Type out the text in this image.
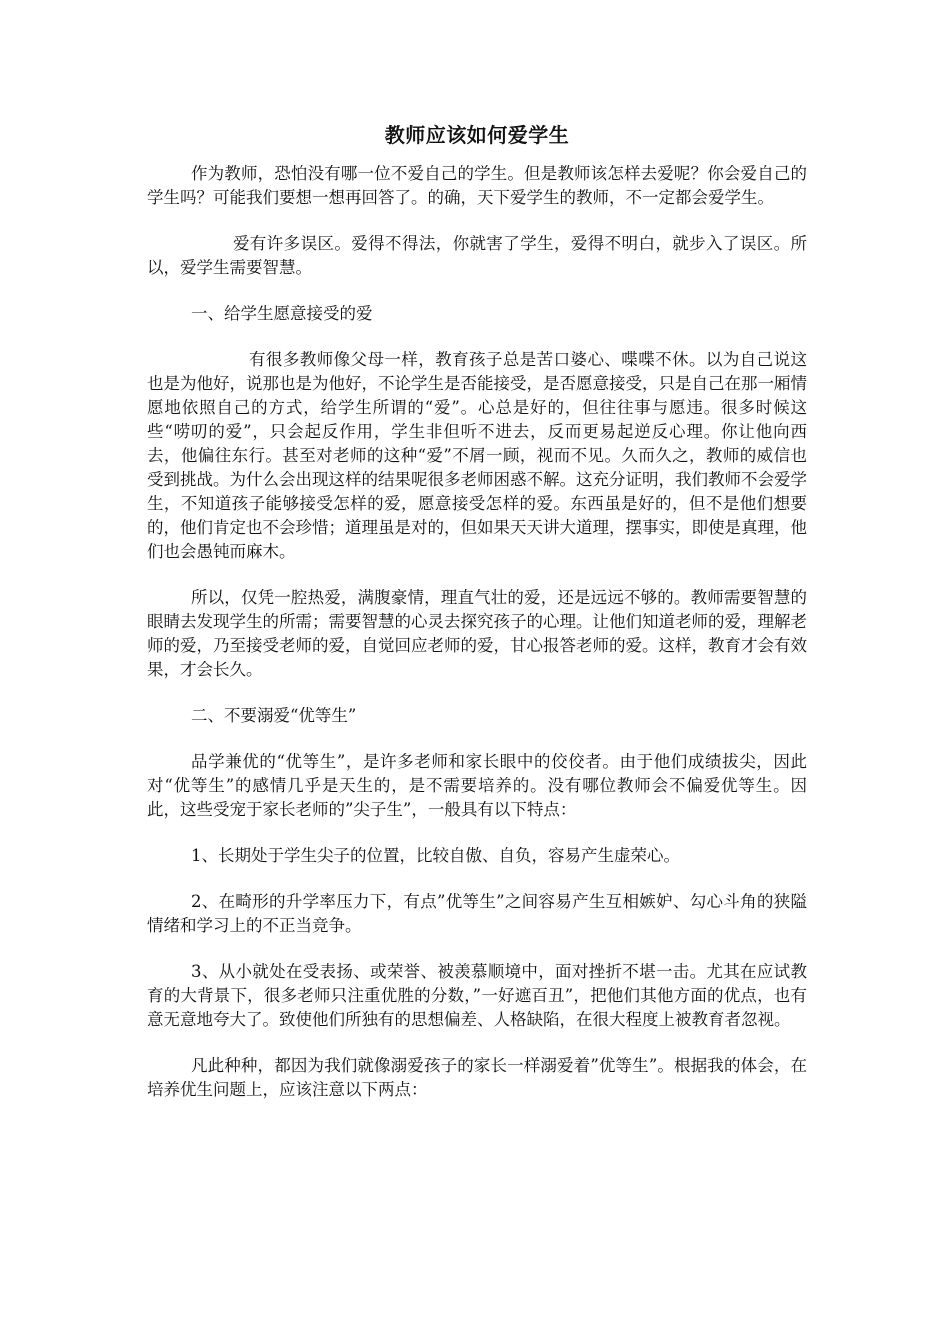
教师应该如何爱学生

作为教师，恐怕没有哪一位不爱自己的学生。但是教师该怎样去爱呢？你会爱自己的学生吗？可能我们要想一想再回答了。的确，天下爱学生的教师，不一定都会爱学生。

爱有许多误区。爱得不得法，你就害了学生，爱得不明白，就步入了误区。所以，爱学生需要智慧。

一、给学生愿意接受的爱

有很多教师像父母一样，教育孩子总是苦口婆心、喋喋不休。以为自己说这也是为他好，说那也是为他好，不论学生是否能接受，是否愿意接受，只是自己在那一厢情愿地依照自己的方式，给学生所谓的“爱”。心总是好的，但往往事与愿违。很多时候这些“唠叨的爱”，只会起反作用，学生非但听不进去，反而更易起逆反心理。你让他向西去，他偏往东行。甚至对老师的这种“爱”不屑一顾，视而不见。久而久之，教师的威信也受到挑战。为什么会出现这样的结果呢很多老师困惑不解。这充分证明，我们教师不会爱学生，不知道孩子能够接受怎样的爱，愿意接受怎样的爱。东西虽是好的，但不是他们想要的，他们肯定也不会珍惜；道理虽是对的，但如果天天讲大道理，摆事实，即使是真理，他们也会愚钝而麻木。

所以，仅凭一腔热爱，满腹豪情，理直气壮的爱，还是远远不够的。教师需要智慧的眼睛去发现学生的所需；需要智慧的心灵去探究孩子的心理。让他们知道老师的爱，理解老师的爱，乃至接受老师的爱，自觉回应老师的爱，甘心报答老师的爱。这样，教育才会有效果，才会长久。

二、不要溺爱“优等生”

品学兼优的“优等生”，是许多老师和家长眼中的佼佼者。由于他们成绩拔尖，因此对“优等生”的感情几乎是天生的，是不需要培养的。没有哪位教师会不偏爱优等生。因此，这些受宠于家长老师的”尖子生”，一般具有以下特点：

1、长期处于学生尖子的位置，比较自傲、自负，容易产生虚荣心。

2、在畸形的升学率压力下，有点”优等生”之间容易产生互相嫉妒、勾心斗角的狭隘情绪和学习上的不正当竞争。

3、从小就处在受表扬、或荣誉、被羡慕顺境中，面对挫折不堪一击。尤其在应试教育的大背景下，很多老师只注重优胜的分数，”一好遮百丑”，把他们其他方面的优点，也有意无意地夸大了。致使他们所独有的思想偏差、人格缺陷，在很大程度上被教育者忽视。

凡此种种，都因为我们就像溺爱孩子的家长一样溺爱着”优等生”。根据我的体会，在培养优生问题上，应该注意以下两点：
